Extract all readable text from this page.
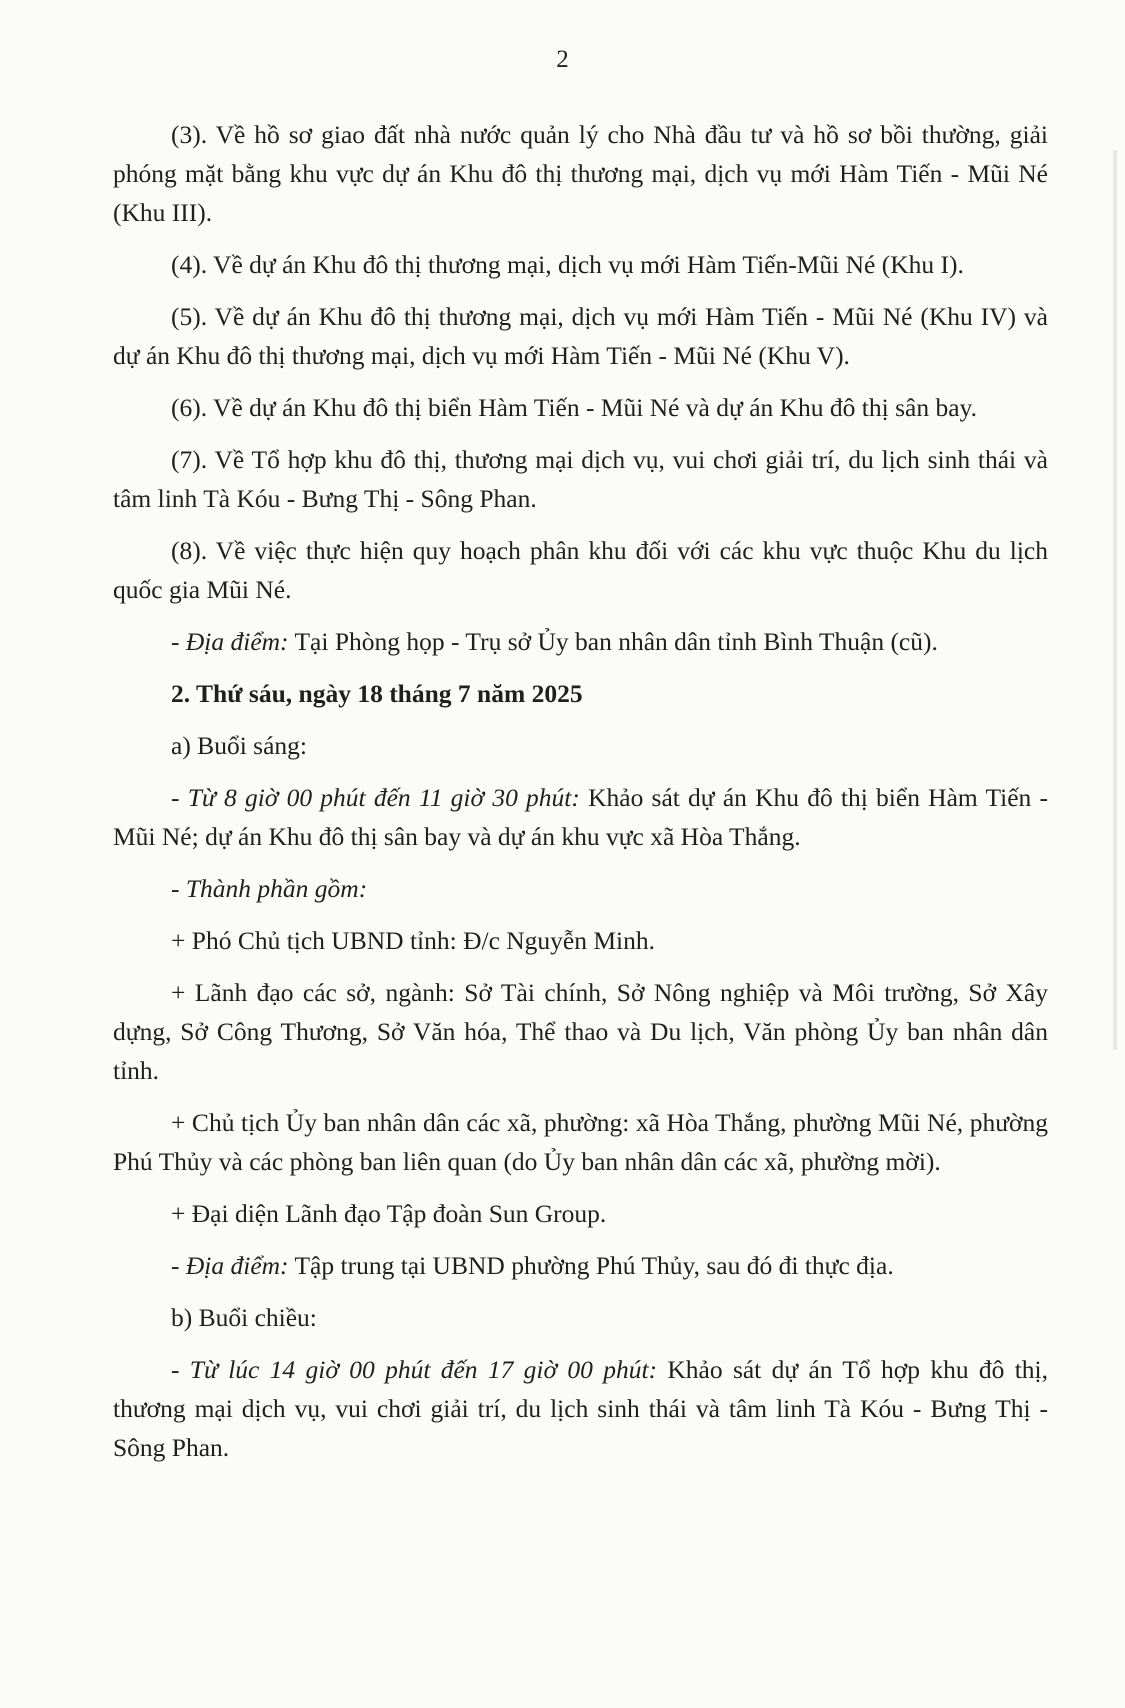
2

(3). Về hồ sơ giao đất nhà nước quản lý cho Nhà đầu tư và hồ sơ bồi thường, giải phóng mặt bằng khu vực dự án Khu đô thị thương mại, dịch vụ mới Hàm Tiến - Mũi Né (Khu III).

(4). Về dự án Khu đô thị thương mại, dịch vụ mới Hàm Tiến-Mũi Né (Khu I).

(5). Về dự án Khu đô thị thương mại, dịch vụ mới Hàm Tiến - Mũi Né (Khu IV) và dự án Khu đô thị thương mại, dịch vụ mới Hàm Tiến - Mũi Né (Khu V).

(6). Về dự án Khu đô thị biển Hàm Tiến - Mũi Né và dự án Khu đô thị sân bay.

(7). Về Tổ hợp khu đô thị, thương mại dịch vụ, vui chơi giải trí, du lịch sinh thái và tâm linh Tà Kóu - Bưng Thị - Sông Phan.

(8). Về việc thực hiện quy hoạch phân khu đối với các khu vực thuộc Khu du lịch quốc gia Mũi Né.

- Địa điểm: Tại Phòng họp - Trụ sở Ủy ban nhân dân tỉnh Bình Thuận (cũ).

2. Thứ sáu, ngày 18 tháng 7 năm 2025

a) Buổi sáng:

- Từ 8 giờ 00 phút đến 11 giờ 30 phút: Khảo sát dự án Khu đô thị biển Hàm Tiến - Mũi Né; dự án Khu đô thị sân bay và dự án khu vực xã Hòa Thắng.

- Thành phần gồm:

+ Phó Chủ tịch UBND tỉnh: Đ/c Nguyễn Minh.

+ Lãnh đạo các sở, ngành: Sở Tài chính, Sở Nông nghiệp và Môi trường, Sở Xây dựng, Sở Công Thương, Sở Văn hóa, Thể thao và Du lịch, Văn phòng Ủy ban nhân dân tỉnh.

+ Chủ tịch Ủy ban nhân dân các xã, phường: xã Hòa Thắng, phường Mũi Né, phường Phú Thủy và các phòng ban liên quan (do Ủy ban nhân dân các xã, phường mời).

+ Đại diện Lãnh đạo Tập đoàn Sun Group.

- Địa điểm: Tập trung tại UBND phường Phú Thủy, sau đó đi thực địa.

b) Buổi chiều:

- Từ lúc 14 giờ 00 phút đến 17 giờ 00 phút: Khảo sát dự án Tổ hợp khu đô thị, thương mại dịch vụ, vui chơi giải trí, du lịch sinh thái và tâm linh Tà Kóu - Bưng Thị - Sông Phan.
